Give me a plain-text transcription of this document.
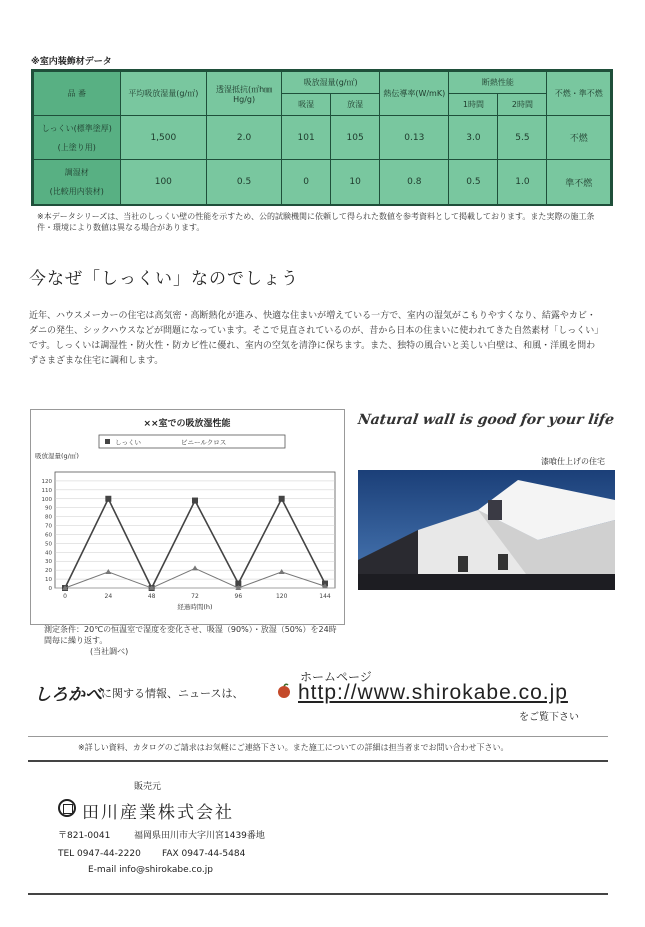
※室内装飾材データ
品 番	平均吸放湿量(g/㎡)	透湿抵抗(㎡h㎜Hg/g)	吸放湿量(g/㎡)		熱伝導率(W/mK)	断熱性能		不燃・準不燃
			吸湿	放湿		1時間	2時間	

しっくい(標準塗厚)
(上塗り用)	1,500	2.0	101	105	0.13	3.0	5.5	不燃

調湿材
(比較用内装材)	100	0.5	0	10	0.8	0.5	1.0	準不燃
※本データシリーズは、当社のしっくい壁の性能を示すため、公的試験機関に依頼して得られた数値を参考資料として掲載しております。また実際の施工条件・環境により数値は異なる場合があります。
今なぜ「しっくい」なのでしょう
近年、ハウスメーカーの住宅は高気密・高断熱化が進み、快適な住まいが増えている一方で、室内の湿気がこもりやすくなり、結露やカビ・ダニの発生、シックハウスなどが問題になっています。そこで見直されているのが、昔から日本の住まいに使われてきた自然素材「しっくい」です。しっくいは調湿性・防火性・防カビ性に優れ、室内の空気を清浄に保ちます。また、独特の風合いと美しい白壁は、和風・洋風を問わずさまざまな住宅に調和します。
××室での吸放湿性能
しっくい	ビニールクロス
吸放湿量(g/㎡)
0
10
20
30
40
50
60
70
80
90
100
110
120
0	24	48	72	96	120	144
経過時間(h)
測定条件：20℃の恒温室で湿度を変化させ、吸湿（90%）・放湿（50%）を24時間毎に繰り返す。
(当社調べ)
Natural wall is good for your life
漆喰仕上げの住宅
しろかべ に関する情報、ニュースは、
ホームページ
http://www.shirokabe.co.jp
をご覧下さい
※詳しい資料、カタログのご請求はお気軽にご連絡下さい。また施工についての詳細は担当者までお問い合わせ下さい。
販売元
田川産業株式会社
〒821-0041	福岡県田川市大字川宮1439番地
TEL 0947-44-2220 FAX 0947-44-5484
E-mail info@shirokabe.co.jp
